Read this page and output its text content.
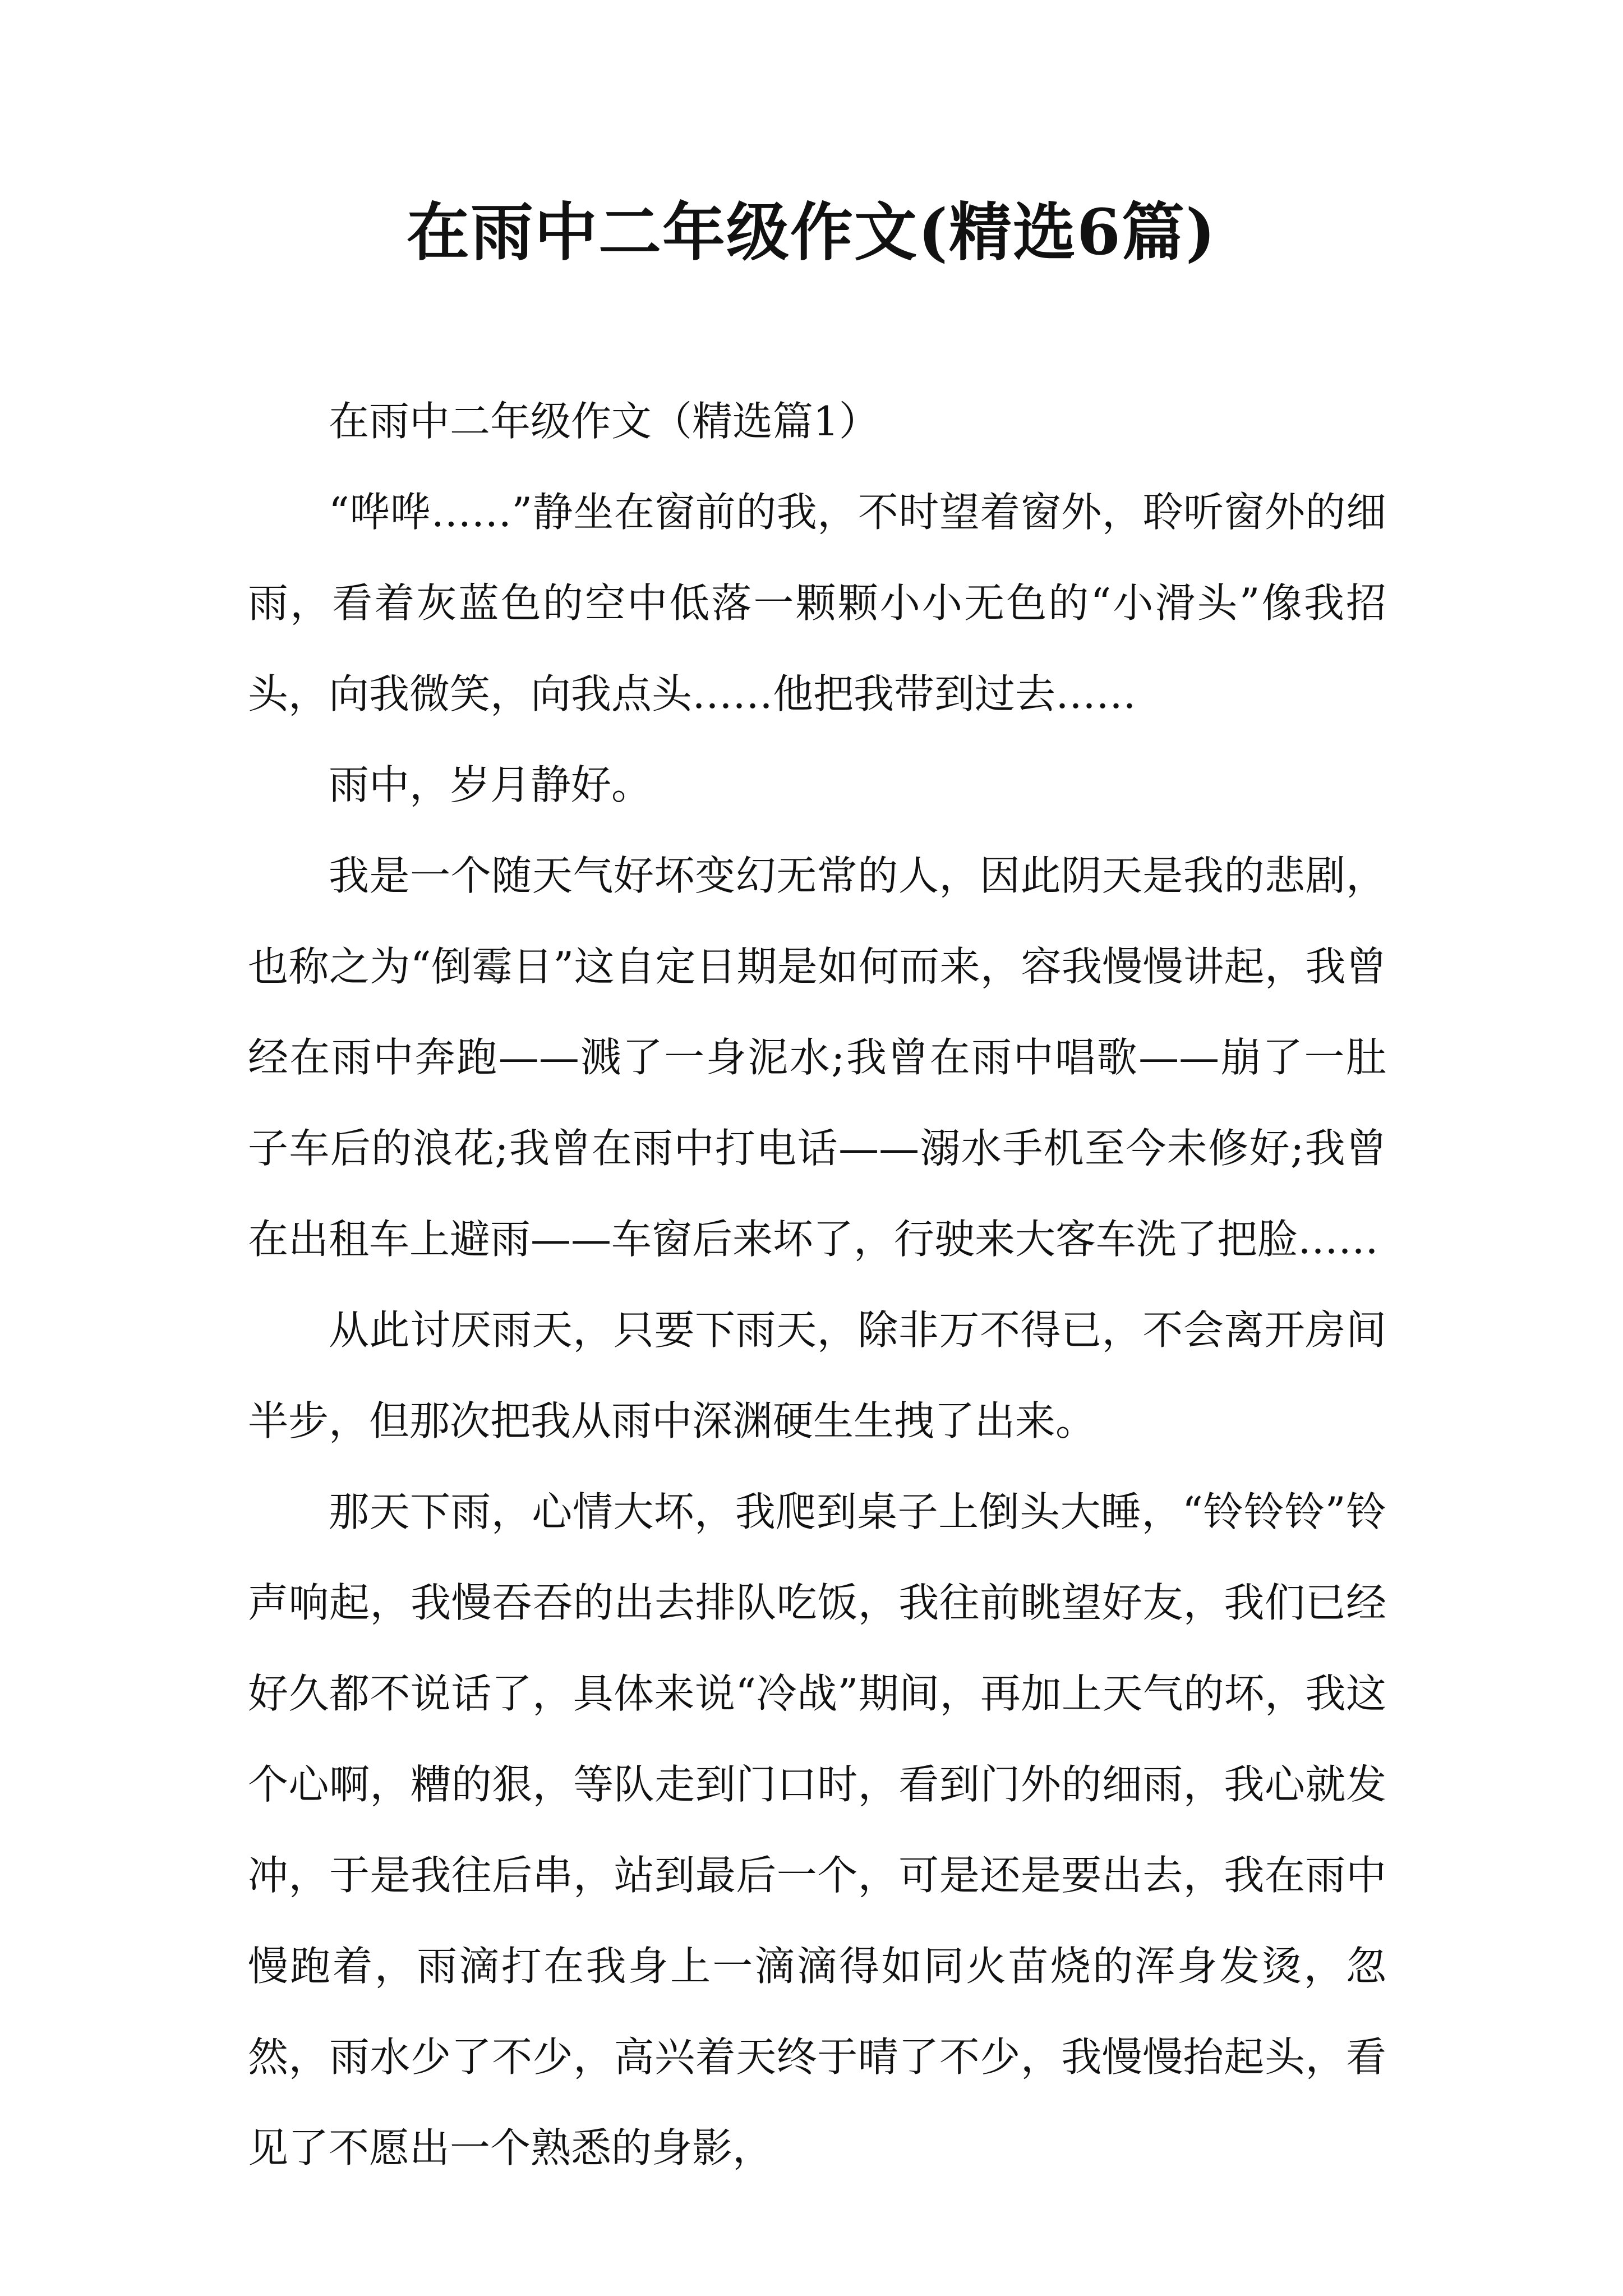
在雨中二年级作文(精选6篇)

在雨中二年级作文（精选篇1）

“哗哗……”静坐在窗前的我，不时望着窗外，聆听窗外的细雨，看着灰蓝色的空中低落一颗颗小小无色的“小滑头”像我招头，向我微笑，向我点头……他把我带到过去……

雨中，岁月静好。

我是一个随天气好坏变幻无常的人，因此阴天是我的悲剧，也称之为“倒霉日”这自定日期是如何而来，容我慢慢讲起，我曾经在雨中奔跑——溅了一身泥水;我曾在雨中唱歌——崩了一肚子车后的浪花;我曾在雨中打电话——溺水手机至今未修好;我曾在出租车上避雨——车窗后来坏了，行驶来大客车洗了把脸……

从此讨厌雨天，只要下雨天，除非万不得已，不会离开房间半步，但那次把我从雨中深渊硬生生拽了出来。

那天下雨，心情大坏，我爬到桌子上倒头大睡，“铃铃铃”铃声响起，我慢吞吞的出去排队吃饭，我往前眺望好友，我们已经好久都不说话了，具体来说“冷战”期间，再加上天气的坏，我这个心啊，糟的狠，等队走到门口时，看到门外的细雨，我心就发冲，于是我往后串，站到最后一个，可是还是要出去，我在雨中慢跑着，雨滴打在我身上一滴滴得如同火苗烧的浑身发烫，忽然，雨水少了不少，高兴着天终于晴了不少，我慢慢抬起头，看见了不愿出一个熟悉的身影，
